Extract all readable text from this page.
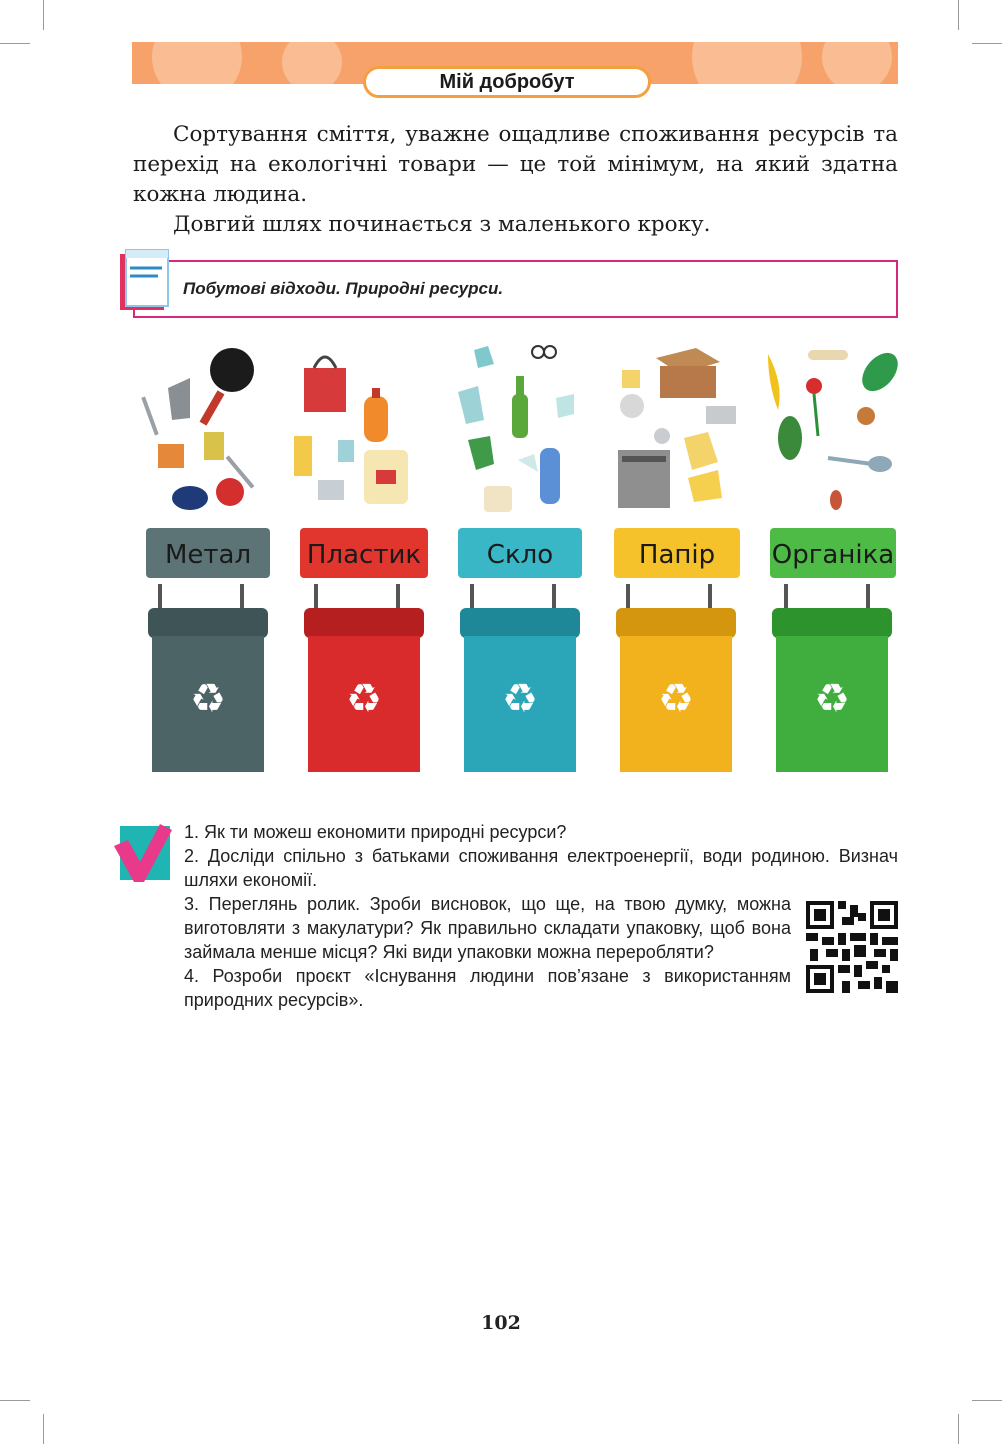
Мій добробут

Сортування сміття, уважне ощадливе споживання ресурсів та перехід на екологічні товари — це той мінімум, на який здатна кожна людина.

Довгий шлях починається з маленького кроку.

Побутові відходи. Природні ресурси.
Метал
♻
Пластик
♻
Скло
♻
Папір
♻
Органіка
♻

1. Як ти можеш економити природні ресурси?

2. Досліди спільно з батьками споживання електроенергії, води родиною. Визнач шляхи економії.

3. Переглянь ролик. Зроби висновок, що ще, на твою думку, можна виготовляти з макулатури? Як правильно складати упаковку, щоб вона займала менше місця? Які види упаковки можна переробляти?

4. Розроби проєкт «Існування людини пов’язане з використанням природних ресурсів».

102
